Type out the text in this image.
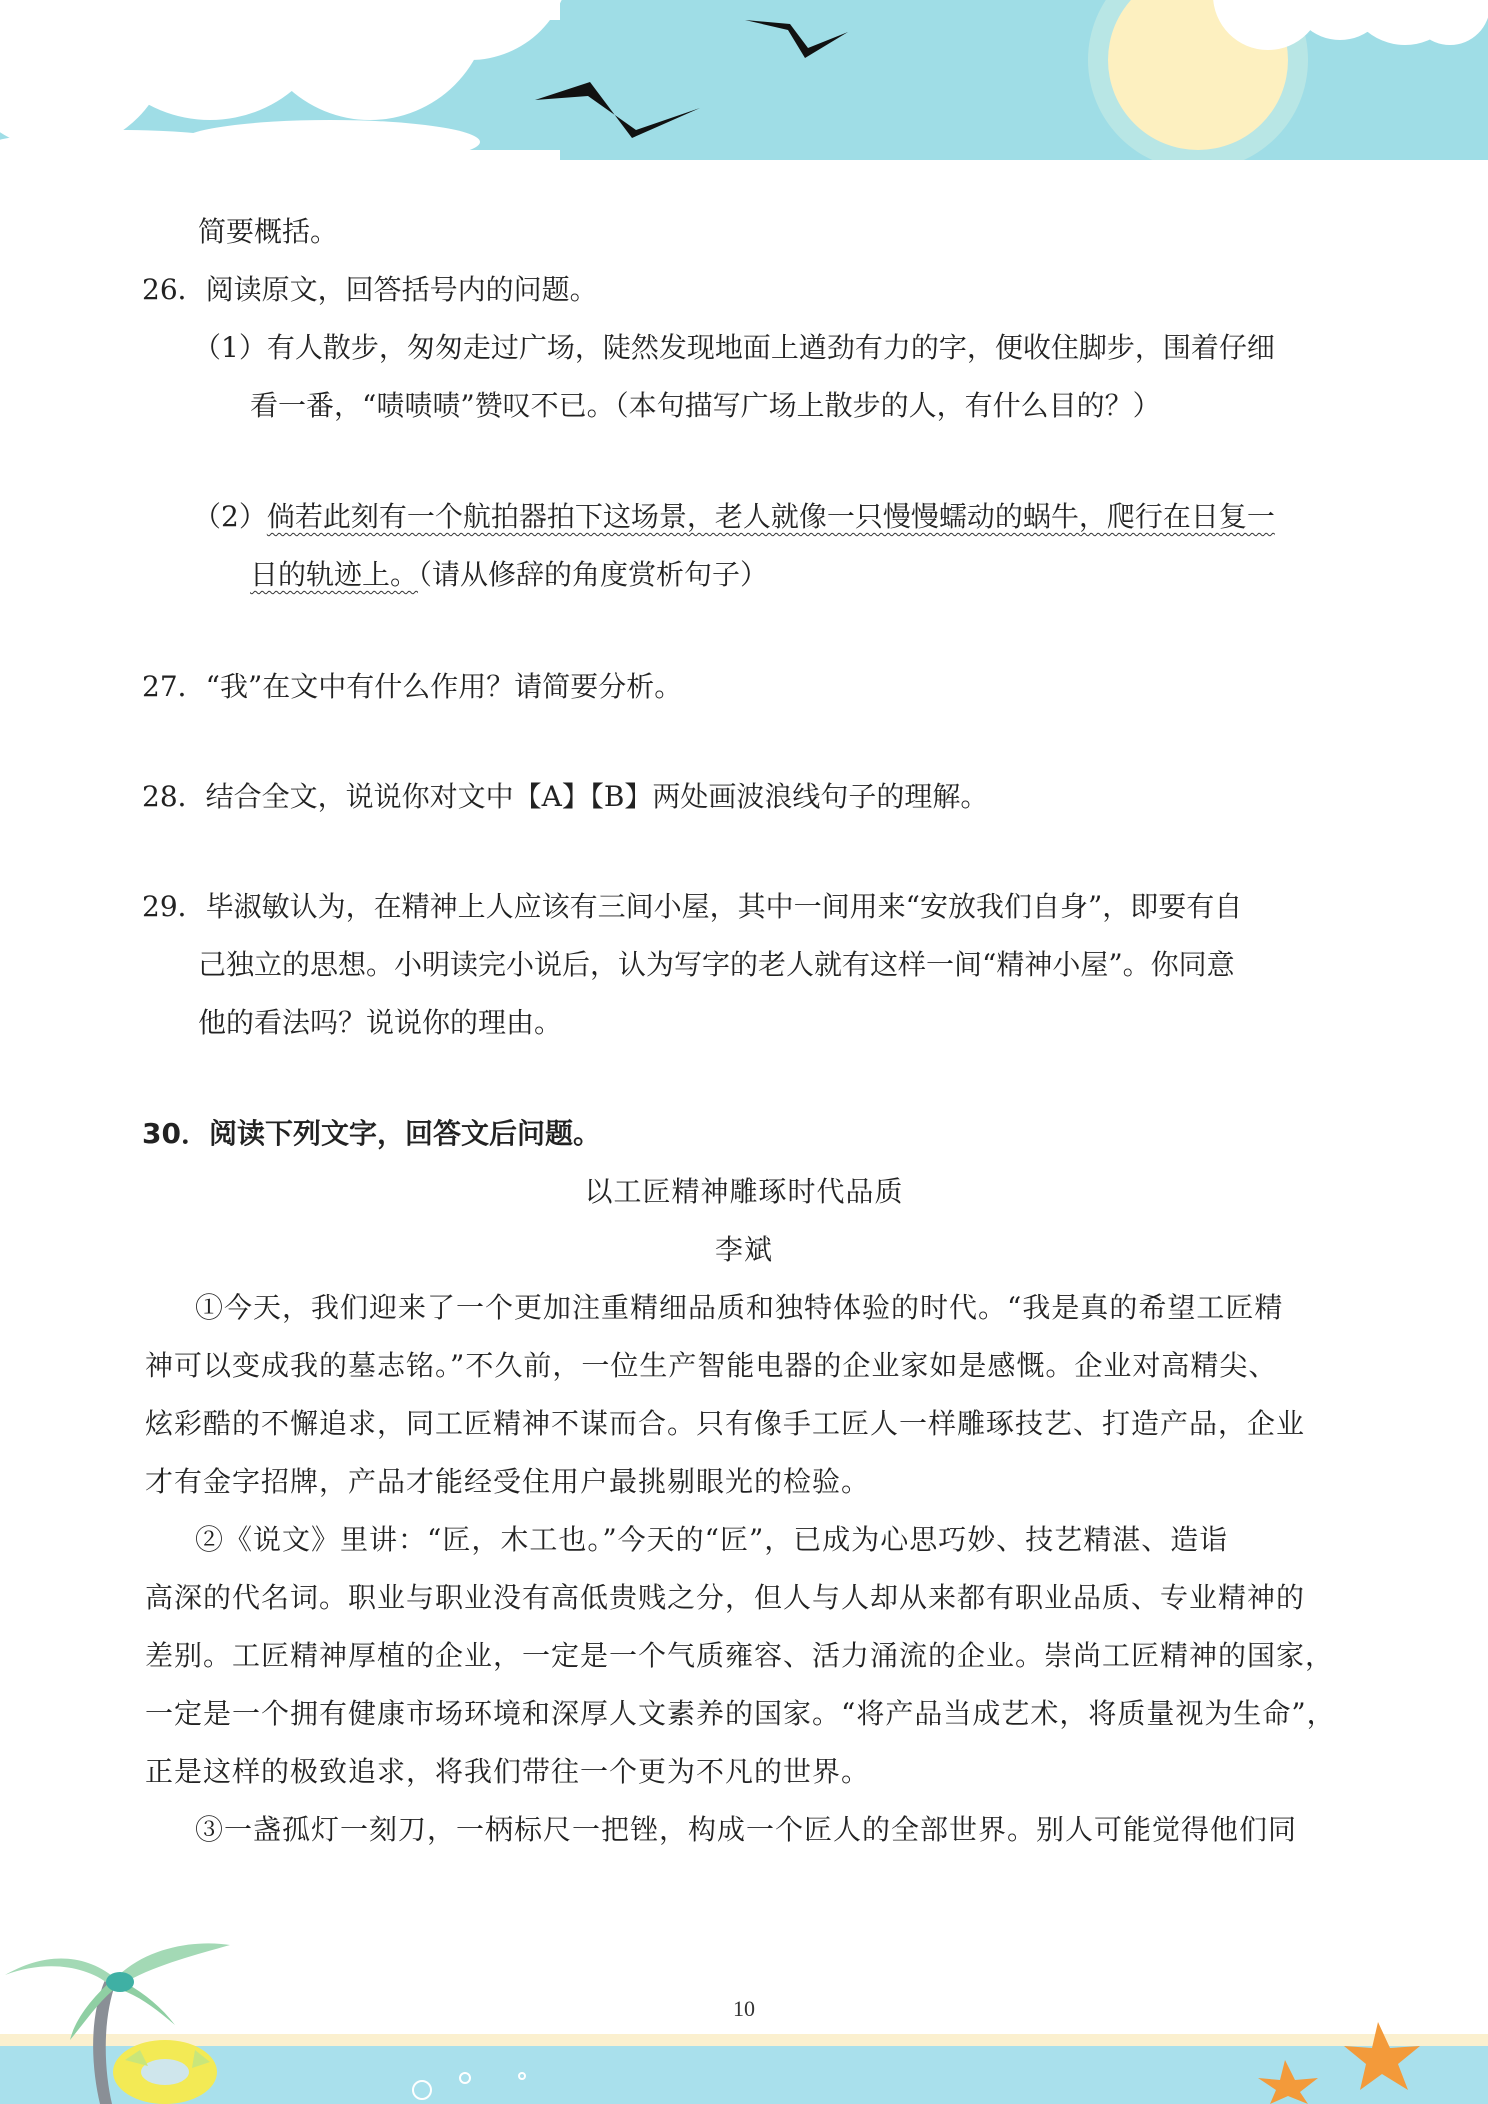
简要概括。
26．阅读原文，回答括号内的问题。
（1）有人散步，匆匆走过广场，陡然发现地面上遒劲有力的字，便收住脚步，围着仔细
看一番，“啧啧啧”赞叹不已。（本句描写广场上散步的人，有什么目的？）
（2）倘若此刻有一个航拍器拍下这场景，老人就像一只慢慢蠕动的蜗牛，爬行在日复一
日的轨迹上。（请从修辞的角度赏析句子）
27．“我”在文中有什么作用？请简要分析。
28．结合全文，说说你对文中【A】【B】两处画波浪线句子的理解。
29．毕淑敏认为，在精神上人应该有三间小屋，其中一间用来“安放我们自身”，即要有自
己独立的思想。小明读完小说后，认为写字的老人就有这样一间“精神小屋”。你同意
他的看法吗？说说你的理由。
30．阅读下列文字，回答文后问题。
以工匠精神雕琢时代品质
李斌
①今天，我们迎来了一个更加注重精细品质和独特体验的时代。“我是真的希望工匠精
神可以变成我的墓志铭。”不久前，一位生产智能电器的企业家如是感慨。企业对高精尖、
炫彩酷的不懈追求，同工匠精神不谋而合。只有像手工匠人一样雕琢技艺、打造产品，企业
才有金字招牌，产品才能经受住用户最挑剔眼光的检验。
②《说文》里讲：“匠，木工也。”今天的“匠”，已成为心思巧妙、技艺精湛、造诣
高深的代名词。职业与职业没有高低贵贱之分，但人与人却从来都有职业品质、专业精神的
差别。工匠精神厚植的企业，一定是一个气质雍容、活力涌流的企业。崇尚工匠精神的国家，
一定是一个拥有健康市场环境和深厚人文素养的国家。“将产品当成艺术，将质量视为生命”，
正是这样的极致追求，将我们带往一个更为不凡的世界。
③一盏孤灯一刻刀，一柄标尺一把锉，构成一个匠人的全部世界。别人可能觉得他们同
10
